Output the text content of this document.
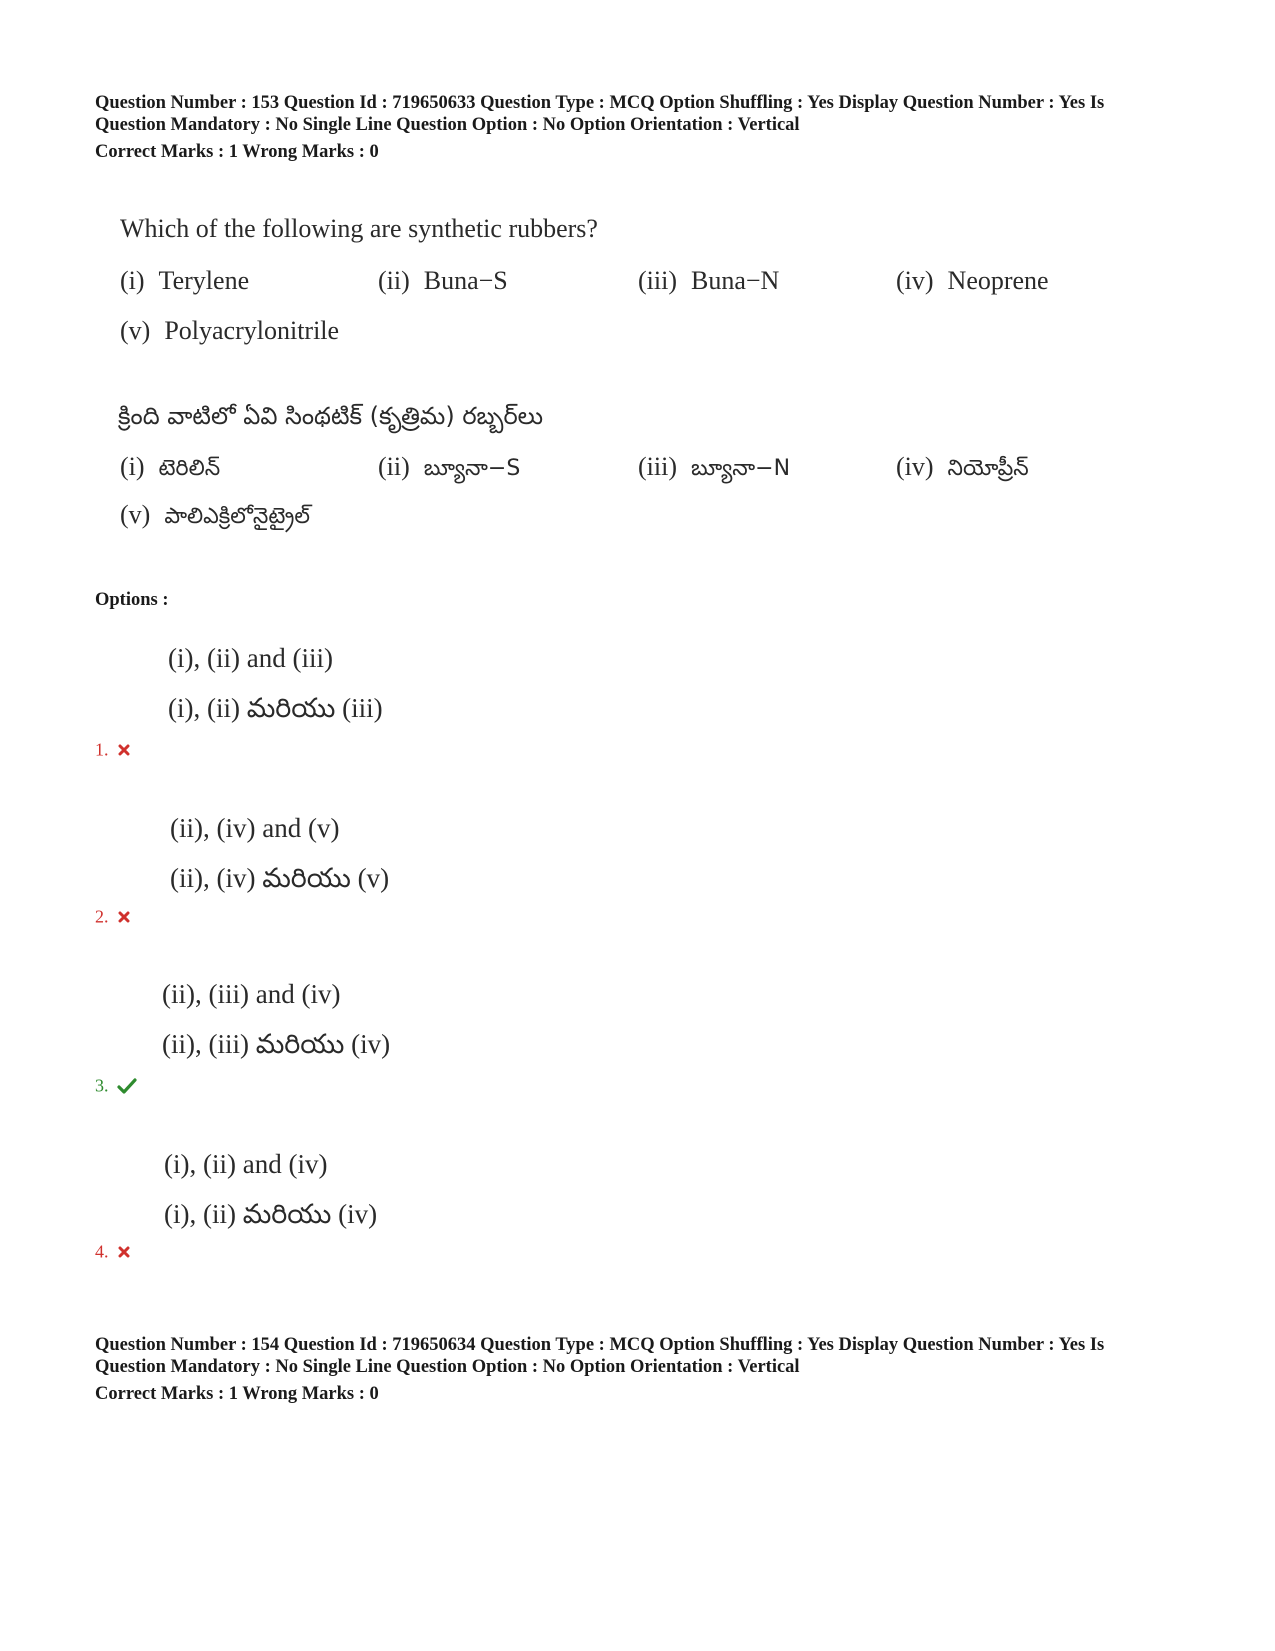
Question Number : 153 Question Id : 719650633 Question Type : MCQ Option Shuffling : Yes Display Question Number : Yes Is
Question Mandatory : No Single Line Question Option : No Option Orientation : Vertical
Correct Marks : 1 Wrong Marks : 0
Which of the following are synthetic rubbers?
(i) Terylene	(ii) Buna−S	(iii) Buna−N	(iv) Neoprene
(v) Polyacrylonitrile
క్రింది వాటిలో ఏవి సింథటిక్ (కృత్రిమ) రబ్బర్‌లు
(i) టెరిలిన్	(ii) బ్యూనా−S	(iii) బ్యూనా−N	(iv) నియోప్రీన్
(v) పాలిఎక్రిలోనైట్రైల్
Options :
(i), (ii) and (iii)
(i), (ii) మరియు (iii)
1.
(ii), (iv) and (v)
(ii), (iv) మరియు (v)
2.
(ii), (iii) and (iv)
(ii), (iii) మరియు (iv)
3.
(i), (ii) and (iv)
(i), (ii) మరియు (iv)
4.
Question Number : 154 Question Id : 719650634 Question Type : MCQ Option Shuffling : Yes Display Question Number : Yes Is
Question Mandatory : No Single Line Question Option : No Option Orientation : Vertical
Correct Marks : 1 Wrong Marks : 0
